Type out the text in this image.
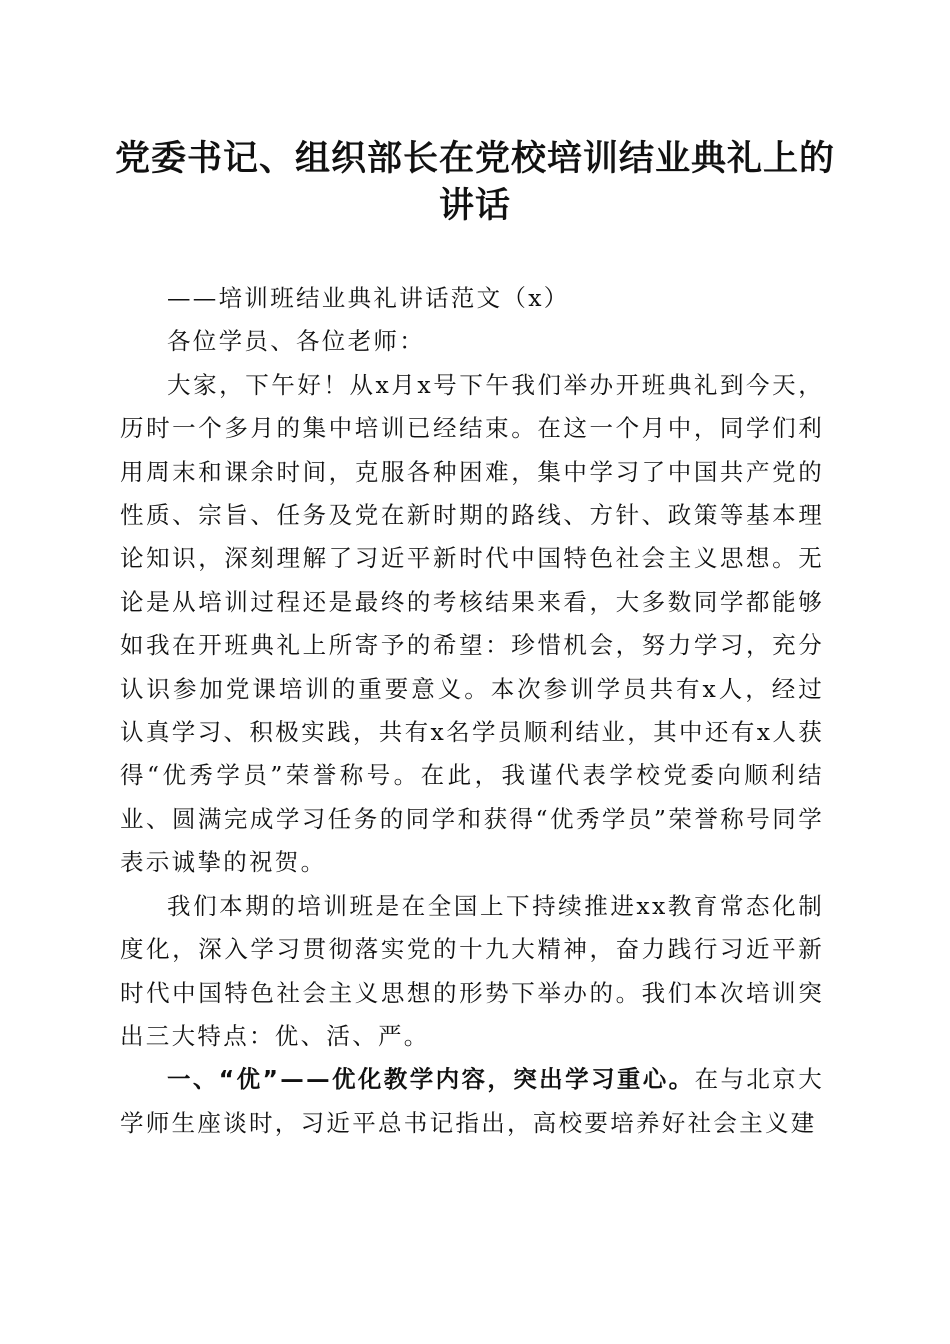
党委书记、组织部长在党校培训结业典礼上的
讲话

——培训班结业典礼讲话范文（x）

各位学员、各位老师：

大家，下午好！从x月x号下午我们举办开班典礼到今天，历时一个多月的集中培训已经结束。在这一个月中，同学们利用周末和课余时间，克服各种困难，集中学习了中国共产党的性质、宗旨、任务及党在新时期的路线、方针、政策等基本理论知识，深刻理解了习近平新时代中国特色社会主义思想。无论是从培训过程还是最终的考核结果来看，大多数同学都能够如我在开班典礼上所寄予的希望：珍惜机会，努力学习，充分认识参加党课培训的重要意义。本次参训学员共有x人，经过认真学习、积极实践，共有x名学员顺利结业，其中还有x人获得“优秀学员”荣誉称号。在此，我谨代表学校党委向顺利结业、圆满完成学习任务的同学和获得“优秀学员”荣誉称号同学表示诚挚的祝贺。

我们本期的培训班是在全国上下持续推进xx教育常态化制度化，深入学习贯彻落实党的十九大精神，奋力践行习近平新时代中国特色社会主义思想的形势下举办的。我们本次培训突出三大特点：优、活、严。

一、“优”——优化教学内容，突出学习重心。在与北京大学师生座谈时，习近平总书记指出，高校要培养好社会主义建
